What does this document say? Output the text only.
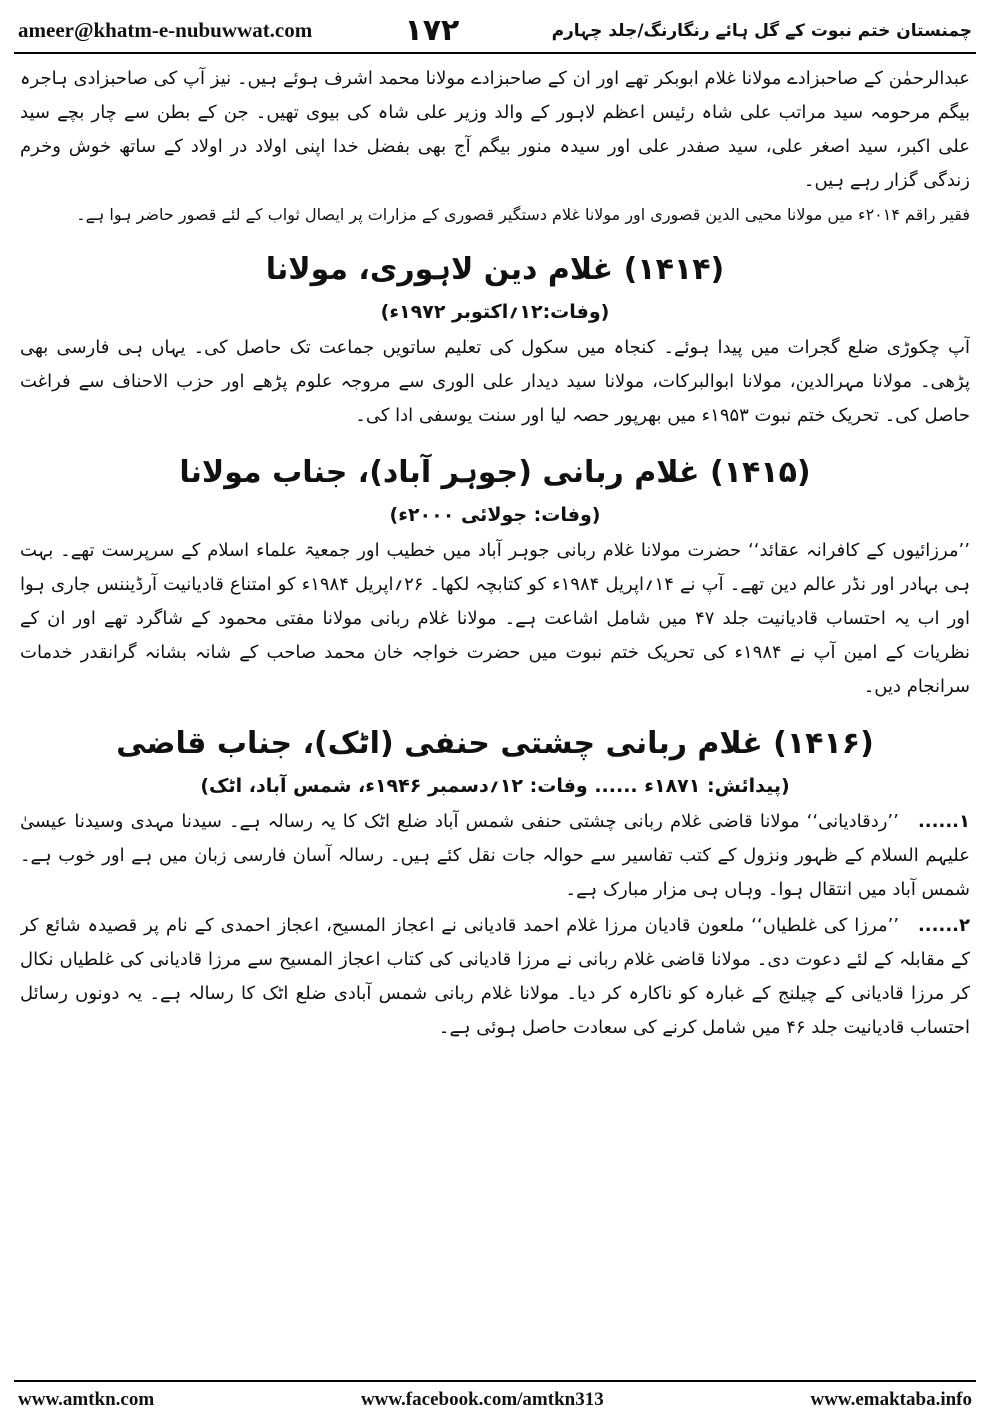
ameer@khatm-e-nubuwwat.com	۱۷۲	چمنستان ختم نبوت کے گل ہائے رنگارنگ/جلد چہارم

عبدالرحمٰن کے صاحبزادے مولانا غلام ابوبکر تھے اور ان کے صاحبزادے مولانا محمد اشرف ہوئے ہیں۔ نیز آپ کی صاحبزادی ہاجرہ بیگم مرحومہ سید مراتب علی شاہ رئیس اعظم لاہور کے والد وزیر علی شاہ کی بیوی تھیں۔ جن کے بطن سے چار بچے سید علی اکبر، سید اصغر علی، سید صفدر علی اور سیدہ منور بیگم آج بھی بفضل خدا اپنی اولاد در اولاد کے ساتھ خوش وخرم زندگی گزار رہے ہیں۔

فقیر راقم ۲۰۱۴ء میں مولانا محیی الدین قصوری اور مولانا غلام دستگیر قصوری کے مزارات پر ایصال ثواب کے لئے قصور حاضر ہوا ہے۔

(۱۴۱۴) غلام دین لاہوری، مولانا
(وفات:۱۲؍اکتوبر ۱۹۷۲ء)

آپ چکوڑی ضلع گجرات میں پیدا ہوئے۔ کنجاہ میں سکول کی تعلیم ساتویں جماعت تک حاصل کی۔ یہاں ہی فارسی بھی پڑھی۔ مولانا مہرالدین، مولانا ابوالبرکات، مولانا سید دیدار علی الوری سے مروجہ علوم پڑھے اور حزب الاحناف سے فراغت حاصل کی۔ تحریک ختم نبوت ۱۹۵۳ء میں بھرپور حصہ لیا اور سنت یوسفی ادا کی۔

(۱۴۱۵) غلام ربانی (جوہر آباد)، جناب مولانا
(وفات: جولائی ۲۰۰۰ء)

’’مرزائیوں کے کافرانہ عقائد‘‘ حضرت مولانا غلام ربانی جوہر آباد میں خطیب اور جمعیۃ علماء اسلام کے سرپرست تھے۔ بہت ہی بہادر اور نڈر عالم دین تھے۔ آپ نے ۱۴؍اپریل ۱۹۸۴ء کو کتابچہ لکھا۔ ۲۶؍اپریل ۱۹۸۴ء کو امتناع قادیانیت آرڈیننس جاری ہوا اور اب یہ احتساب قادیانیت جلد ۴۷ میں شامل اشاعت ہے۔ مولانا غلام ربانی مولانا مفتی محمود کے شاگرد تھے اور ان کے نظریات کے امین آپ نے ۱۹۸۴ء کی تحریک ختم نبوت میں حضرت خواجہ خان محمد صاحب کے شانہ بشانہ گرانقدر خدمات سرانجام دیں۔

(۱۴۱۶) غلام ربانی چشتی حنفی (اٹک)، جناب قاضی
(پیدائش: ۱۸۷۱ء ...... وفات: ۱۲؍دسمبر ۱۹۴۶ء، شمس آباد، اٹک)

۱...... ’’ردقادیانی‘‘ مولانا قاضی غلام ربانی چشتی حنفی شمس آباد ضلع اٹک کا یہ رسالہ ہے۔ سیدنا مہدی وسیدنا عیسیٰ علیہم السلام کے ظہور ونزول کے کتب تفاسیر سے حوالہ جات نقل کئے ہیں۔ رسالہ آسان فارسی زبان میں ہے اور خوب ہے۔ شمس آباد میں انتقال ہوا۔ وہاں ہی مزار مبارک ہے۔

۲...... ’’مرزا کی غلطیاں‘‘ ملعون قادیان مرزا غلام احمد قادیانی نے اعجاز المسیح، اعجاز احمدی کے نام پر قصیدہ شائع کر کے مقابلہ کے لئے دعوت دی۔ مولانا قاضی غلام ربانی نے مرزا قادیانی کی کتاب اعجاز المسیح سے مرزا قادیانی کی غلطیاں نکال کر مرزا قادیانی کے چیلنج کے غبارہ کو ناکارہ کر دیا۔ مولانا غلام ربانی شمس آبادی ضلع اٹک کا رسالہ ہے۔ یہ دونوں رسائل احتساب قادیانیت جلد ۴۶ میں شامل کرنے کی سعادت حاصل ہوئی ہے۔

www.amtkn.com	www.facebook.com/amtkn313	www.emaktaba.info
